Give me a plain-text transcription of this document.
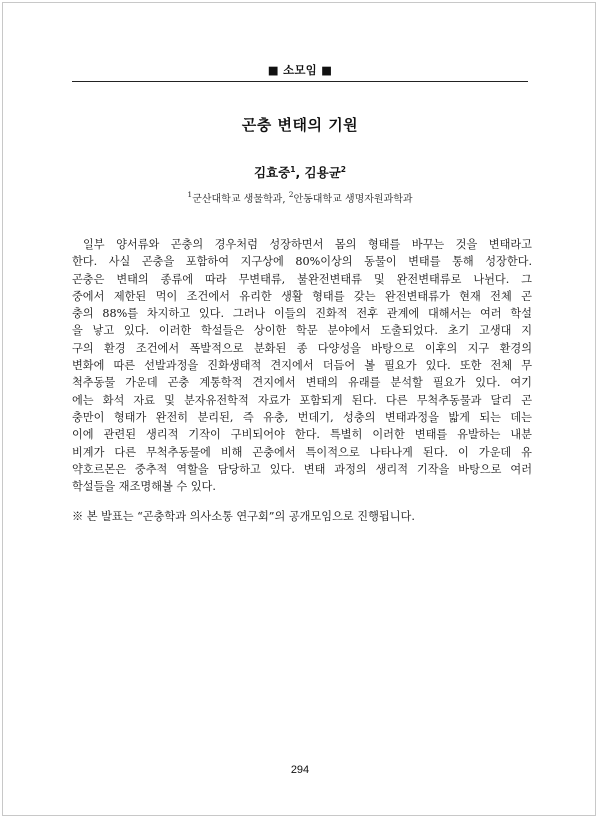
■ 소모임 ■
곤충 변태의 기원
김효중$^1$, 김용균$^2$
$^1$군산대학교 생물학과, $^2$안동대학교 생명자원과학과

일부 양서류와 곤충의 경우처럼 성장하면서 몸의 형태를 바꾸는 것을 변태라고
한다. 사실 곤충을 포함하여 지구상에 80%이상의 동물이 변태를 통해 성장한다.
곤충은 변태의 종류에 따라 무변태류, 불완전변태류 및 완전변태류로 나뉜다. 그
중에서 제한된 먹이 조건에서 유리한 생활 형태를 갖는 완전변태류가 현재 전체 곤
충의 88%를 차지하고 있다. 그러나 이들의 진화적 전후 관계에 대해서는 여러 학설
을 낳고 있다. 이러한 학설들은 상이한 학문 분야에서 도출되었다. 초기 고생대 지
구의 환경 조건에서 폭발적으로 분화된 종 다양성을 바탕으로 이후의 지구 환경의
변화에 따른 선발과정을 진화생태적 견지에서 더듬어 볼 필요가 있다. 또한 전체 무
척추동물 가운데 곤충 계통학적 견지에서 변태의 유래를 분석할 필요가 있다. 여기
에는 화석 자료 및 분자유전학적 자료가 포함되게 된다. 다른 무척추동물과 달리 곤
충만이 형태가 완전히 분리된, 즉 유충, 번데기, 성충의 변태과정을 밟게 되는 데는
이에 관련된 생리적 기작이 구비되어야 한다. 특별히 이러한 변태를 유발하는 내분
비계가 다른 무척추동물에 비해 곤충에서 특이적으로 나타나게 된다. 이 가운데 유
약호르몬은 중추적 역할을 담당하고 있다. 변태 과정의 생리적 기작을 바탕으로 여러
학설들을 재조명해볼 수 있다.

※ 본 발표는 “곤충학과 의사소통 연구회”의 공개모임으로 진행됩니다.
294
